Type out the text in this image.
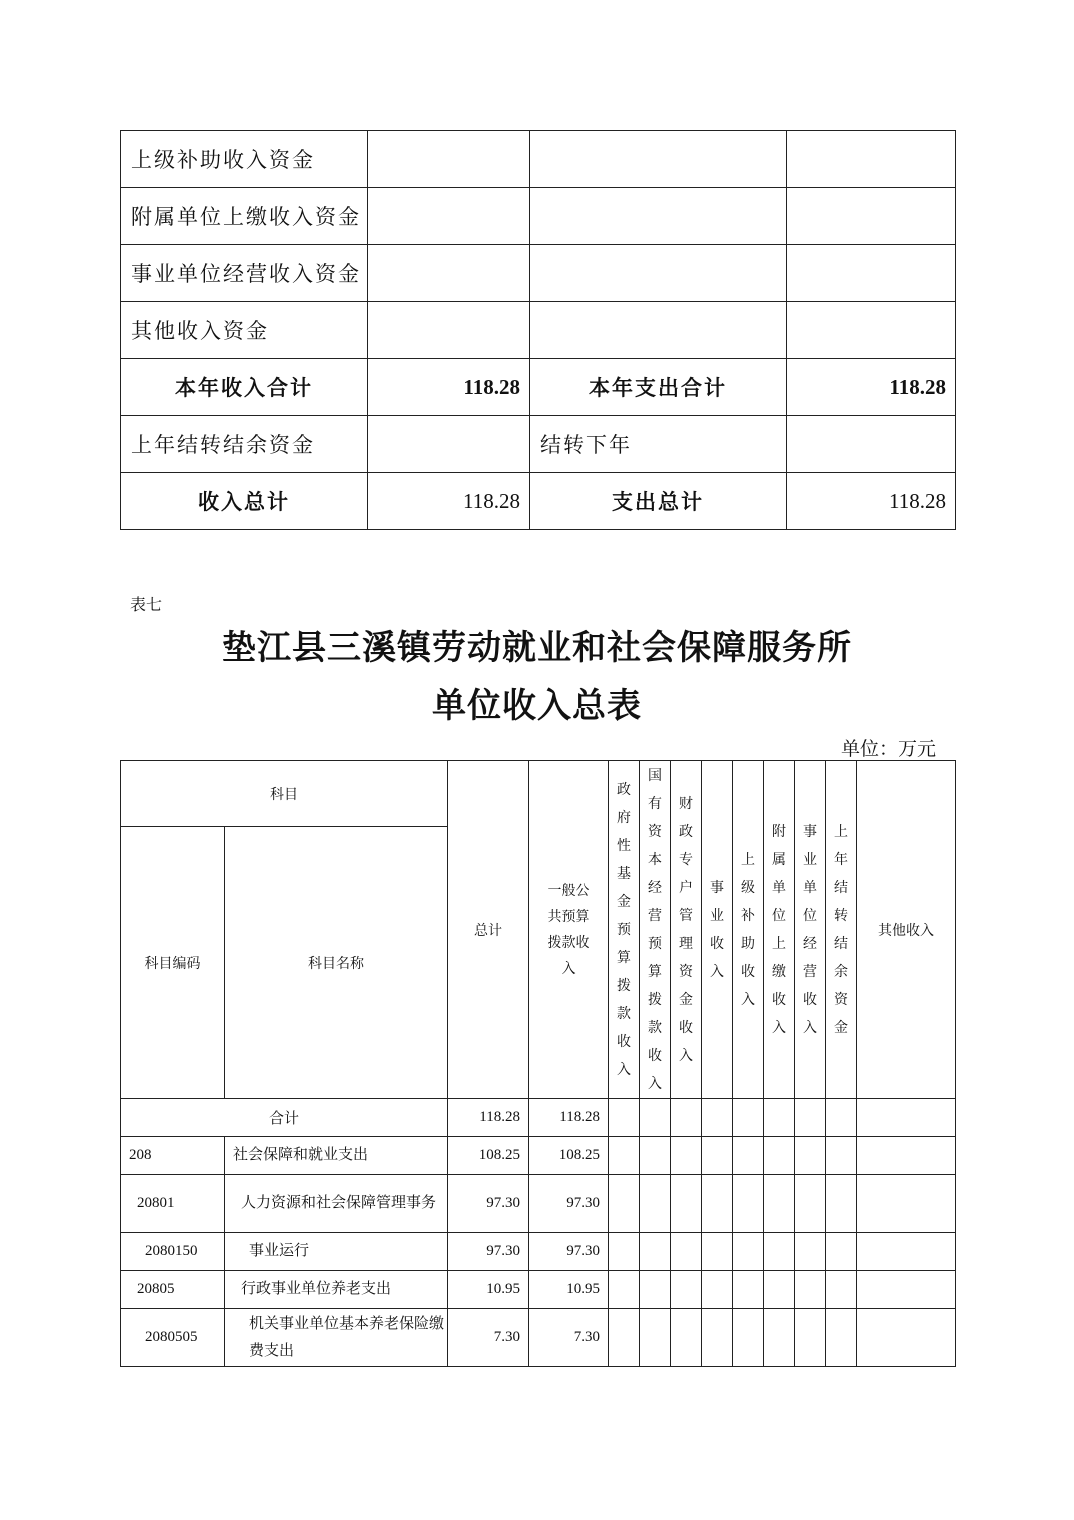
上级补助收入资金			
附属单位上缴收入资金			
事业单位经营收入资金			
其他收入资金			
本年收入合计	118.28	本年支出合计	118.28
上年结转结余资金		结转下年	
收入总计	118.28	支出总计	118.28
表七
垫江县三溪镇劳动就业和社会保障服务所
单位收入总表
单位：万元
科目		总计	一般公共预算拨款收入	政府性基金预算拨款收入	国有资本经营预算拨款收入	财政专户管理资金收入	事业收入	上级补助收入	附属单位上缴收入	事业单位经营收入	上年结转结余资金	其他收入
科目编码	科目名称											
合计		118.28	118.28									
208	社会保障和就业支出	108.25	108.25									
20801	人力资源和社会保障管理事务	97.30	97.30									
2080150	事业运行	97.30	97.30									
20805	行政事业单位养老支出	10.95	10.95									
2080505	机关事业单位基本养老保险缴费支出	7.30	7.30									
